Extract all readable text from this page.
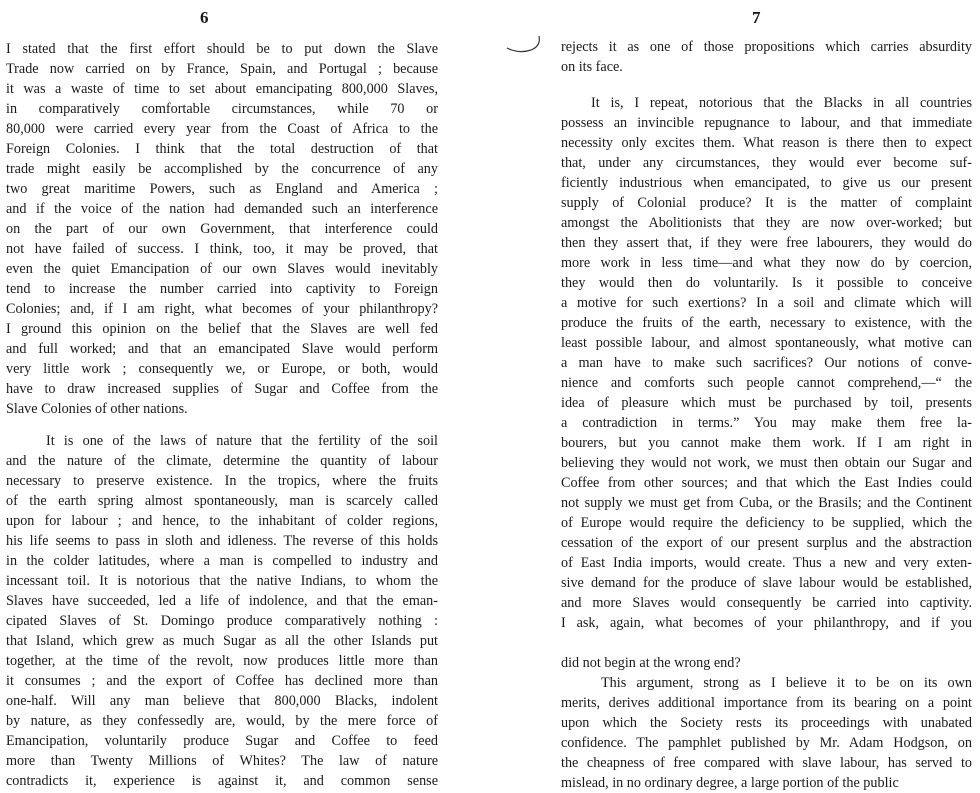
6
I stated that the first effort should be to put down the Slave
Trade now carried on by France, Spain, and Portugal ; because
it was a waste of time to set about emancipating 800,000 Slaves,
in comparatively comfortable circumstances, while 70 or
80,000 were carried every year from the Coast of Africa to the
Foreign Colonies. I think that the total destruction of that
trade might easily be accomplished by the concurrence of any
two great maritime Powers, such as England and America ;
and if the voice of the nation had demanded such an interference
on the part of our own Government, that interference could
not have failed of success. I think, too, it may be proved, that
even the quiet Emancipation of our own Slaves would inevitably
tend to increase the number carried into captivity to Foreign
Colonies; and, if I am right, what becomes of your philanthropy?
I ground this opinion on the belief that the Slaves are well fed
and full worked; and that an emancipated Slave would perform
very little work ; consequently we, or Europe, or both, would
have to draw increased supplies of Sugar and Coffee from the
Slave Colonies of other nations.
It is one of the laws of nature that the fertility of the soil
and the nature of the climate, determine the quantity of labour
necessary to preserve existence. In the tropics, where the fruits
of the earth spring almost spontaneously, man is scarcely called
upon for labour ; and hence, to the inhabitant of colder regions,
his life seems to pass in sloth and idleness. The reverse of this holds
in the colder latitudes, where a man is compelled to industry and
incessant toil. It is notorious that the native Indians, to whom the
Slaves have succeeded, led a life of indolence, and that the eman-
cipated Slaves of St. Domingo produce comparatively nothing :
that Island, which grew as much Sugar as all the other Islands put
together, at the time of the revolt, now produces little more than
it consumes ; and the export of Coffee has declined more than
one-half. Will any man believe that 800,000 Blacks, indolent
by nature, as they confessedly are, would, by the mere force of
Emancipation, voluntarily produce Sugar and Coffee to feed
more than Twenty Millions of Whites? The law of nature
contradicts it, experience is against it, and common sense
7
rejects it as one of those propositions which carries absurdity
on its face.
It is, I repeat, notorious that the Blacks in all countries
possess an invincible repugnance to labour, and that immediate
necessity only excites them. What reason is there then to expect
that, under any circumstances, they would ever become suf-
ficiently industrious when emancipated, to give us our present
supply of Colonial produce? It is the matter of complaint
amongst the Abolitionists that they are now over-worked; but
then they assert that, if they were free labourers, they would do
more work in less time—and what they now do by coercion,
they would then do voluntarily. Is it possible to conceive
a motive for such exertions? In a soil and climate which will
produce the fruits of the earth, necessary to existence, with the
least possible labour, and almost spontaneously, what motive can
a man have to make such sacrifices? Our notions of conve-
nience and comforts such people cannot comprehend,—“ the
idea of pleasure which must be purchased by toil, presents
a contradiction in terms.” You may make them free la-
bourers, but you cannot make them work. If I am right in
believing they would not work, we must then obtain our Sugar and
Coffee from other sources; and that which the East Indies could
not supply we must get from Cuba, or the Brasils; and the Continent
of Europe would require the deficiency to be supplied, which the
cessation of the export of our present surplus and the abstraction
of East India imports, would create. Thus a new and very exten-
sive demand for the produce of slave labour would be established,
and more Slaves would consequently be carried into captivity.
I ask, again, what becomes of your philanthropy, and if you
did not begin at the wrong end?
This argument, strong as I believe it to be on its own
merits, derives additional importance from its bearing on a point
upon which the Society rests its proceedings with unabated
confidence. The pamphlet published by Mr. Adam Hodgson, on
the cheapness of free compared with slave labour, has served to
mislead, in no ordinary degree, a large portion of the public
